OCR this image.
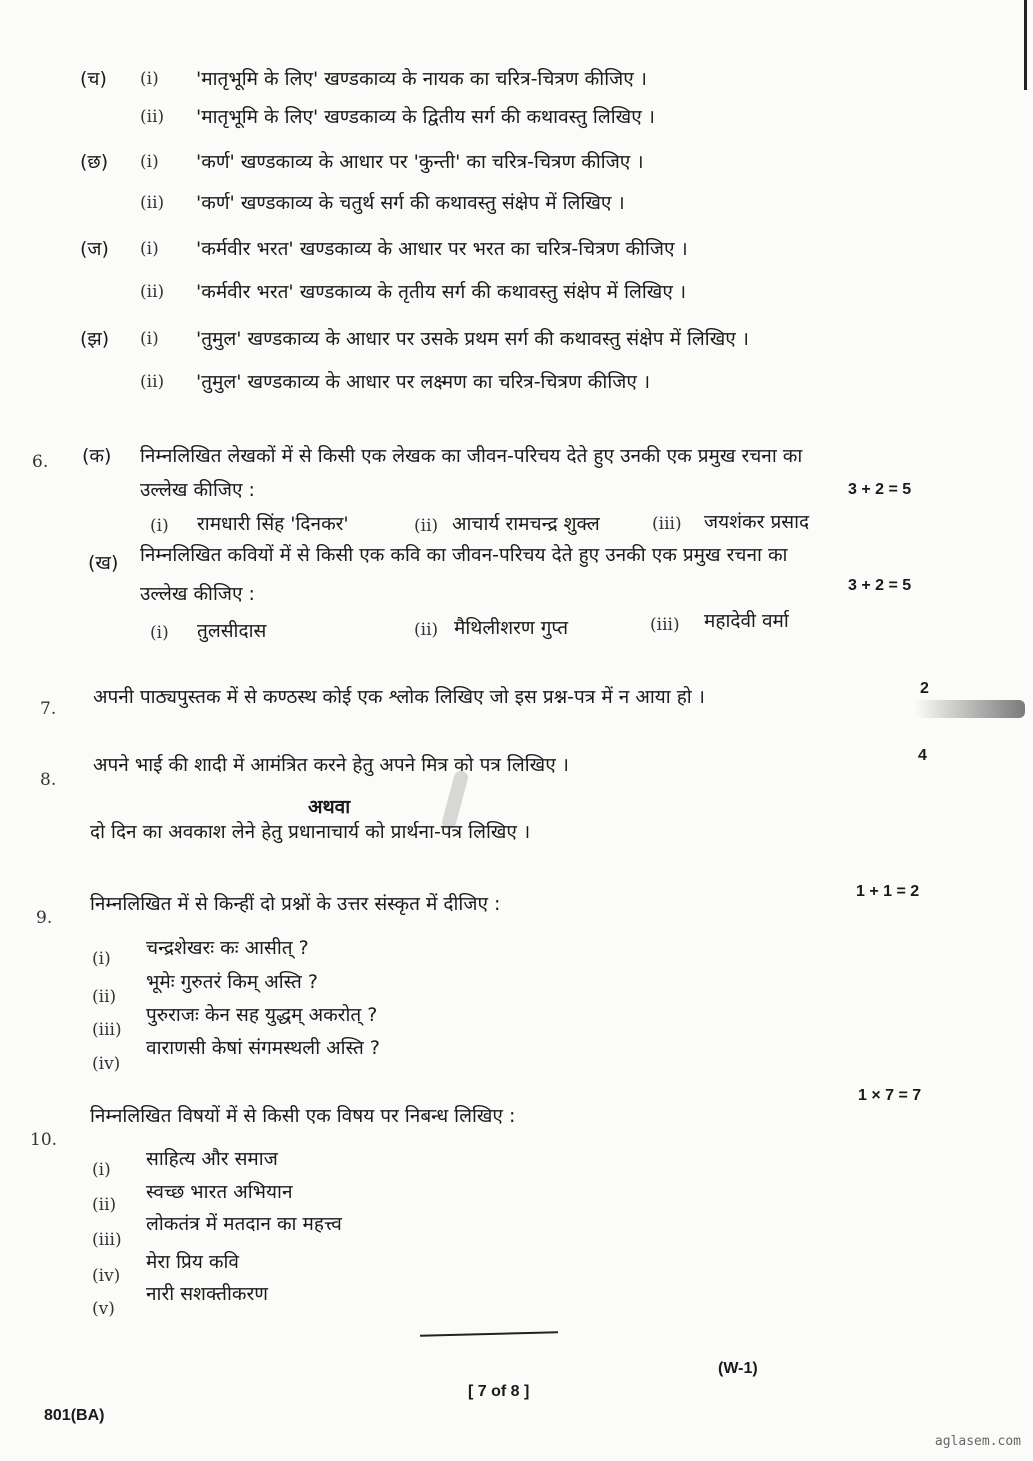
(च) (i) 'मातृभूमि के लिए' खण्डकाव्य के नायक का चरित्र-चित्रण कीजिए ।
(ii) 'मातृभूमि के लिए' खण्डकाव्य के द्वितीय सर्ग की कथावस्तु लिखिए ।
(छ) (i) 'कर्ण' खण्डकाव्य के आधार पर 'कुन्ती' का चरित्र-चित्रण कीजिए ।
(ii) 'कर्ण' खण्डकाव्य के चतुर्थ सर्ग की कथावस्तु संक्षेप में लिखिए ।
(ज) (i) 'कर्मवीर भरत' खण्डकाव्य के आधार पर भरत का चरित्र-चित्रण कीजिए ।
(ii) 'कर्मवीर भरत' खण्डकाव्य के तृतीय सर्ग की कथावस्तु संक्षेप में लिखिए ।
(झ) (i) 'तुमुल' खण्डकाव्य के आधार पर उसके प्रथम सर्ग की कथावस्तु संक्षेप में लिखिए ।
(ii) 'तुमुल' खण्डकाव्य के आधार पर लक्ष्मण का चरित्र-चित्रण कीजिए ।
6. (क) निम्नलिखित लेखकों में से किसी एक लेखक का जीवन-परिचय देते हुए उनकी एक प्रमुख रचना का
उल्लेख कीजिए :	3 + 2 = 5
(i) रामधारी सिंह 'दिनकर'	(ii) आचार्य रामचन्द्र शुक्ल	(iii) जयशंकर प्रसाद
(ख) निम्नलिखित कवियों में से किसी एक कवि का जीवन-परिचय देते हुए उनकी एक प्रमुख रचना का
उल्लेख कीजिए :	3 + 2 = 5
(i) तुलसीदास	(ii) मैथिलीशरण गुप्त	(iii) महादेवी वर्मा
7.
अपनी पाठ्यपुस्तक में से कण्ठस्थ कोई एक श्लोक लिखिए जो इस प्रश्न-पत्र में न आया हो ।	2
8.
अपने भाई की शादी में आमंत्रित करने हेतु अपने मित्र को पत्र लिखिए ।	4
अथवा
दो दिन का अवकाश लेने हेतु प्रधानाचार्य को प्रार्थना-पत्र लिखिए ।
9.
निम्नलिखित में से किन्हीं दो प्रश्नों के उत्तर संस्कृत में दीजिए :
1 + 1 = 2
(i) चन्द्रशेखरः कः आसीत् ?
(ii)
भूमेः गुरुतरं किम् अस्ति ?
(iii)
पुरुराजः केन सह युद्धम् अकरोत् ?
(iv)
वाराणसी केषां संगमस्थली अस्ति ?
10.
निम्नलिखित विषयों में से किसी एक विषय पर निबन्ध लिखिए :
1 × 7 = 7
(i) साहित्य और समाज
(ii)
स्वच्छ भारत अभियान
(iii)
लोकतंत्र में मतदान का महत्त्व
(iv)
मेरा प्रिय कवि
(v)
नारी सशक्तीकरण
(W-1)
[ 7 of 8 ]
801(BA)
aglasem.com
